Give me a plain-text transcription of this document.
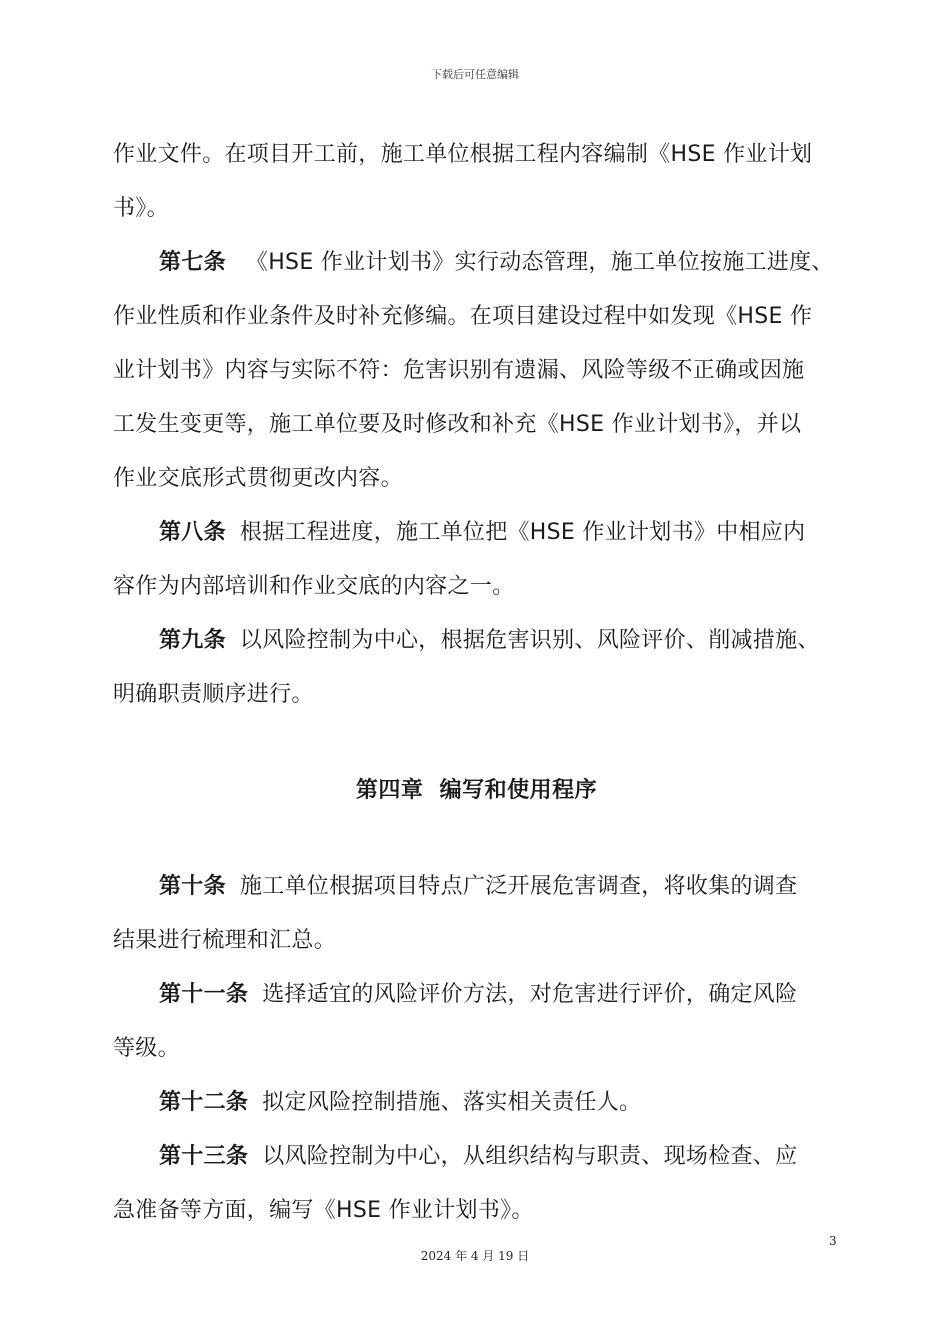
下载后可任意编辑
作业文件。在项目开工前，施工单位根据工程内容编制《HSE 作业计划
书》。
第七条 《HSE 作业计划书》实行动态管理，施工单位按施工进度、
作业性质和作业条件及时补充修编。在项目建设过程中如发现《HSE 作
业计划书》内容与实际不符：危害识别有遗漏、风险等级不正确或因施
工发生变更等，施工单位要及时修改和补充《HSE 作业计划书》，并以
作业交底形式贯彻更改内容。
第八条 根据工程进度，施工单位把《HSE 作业计划书》中相应内
容作为内部培训和作业交底的内容之一。
第九条 以风险控制为中心，根据危害识别、风险评价、削减措施、
明确职责顺序进行。
第四章  编写和使用程序
第十条 施工单位根据项目特点广泛开展危害调查，将收集的调查
结果进行梳理和汇总。
第十一条 选择适宜的风险评价方法，对危害进行评价，确定风险
等级。
第十二条 拟定风险控制措施、落实相关责任人。
第十三条 以风险控制为中心，从组织结构与职责、现场检查、应
急准备等方面，编写《HSE 作业计划书》。
3
2024 年 4 月 19 日
